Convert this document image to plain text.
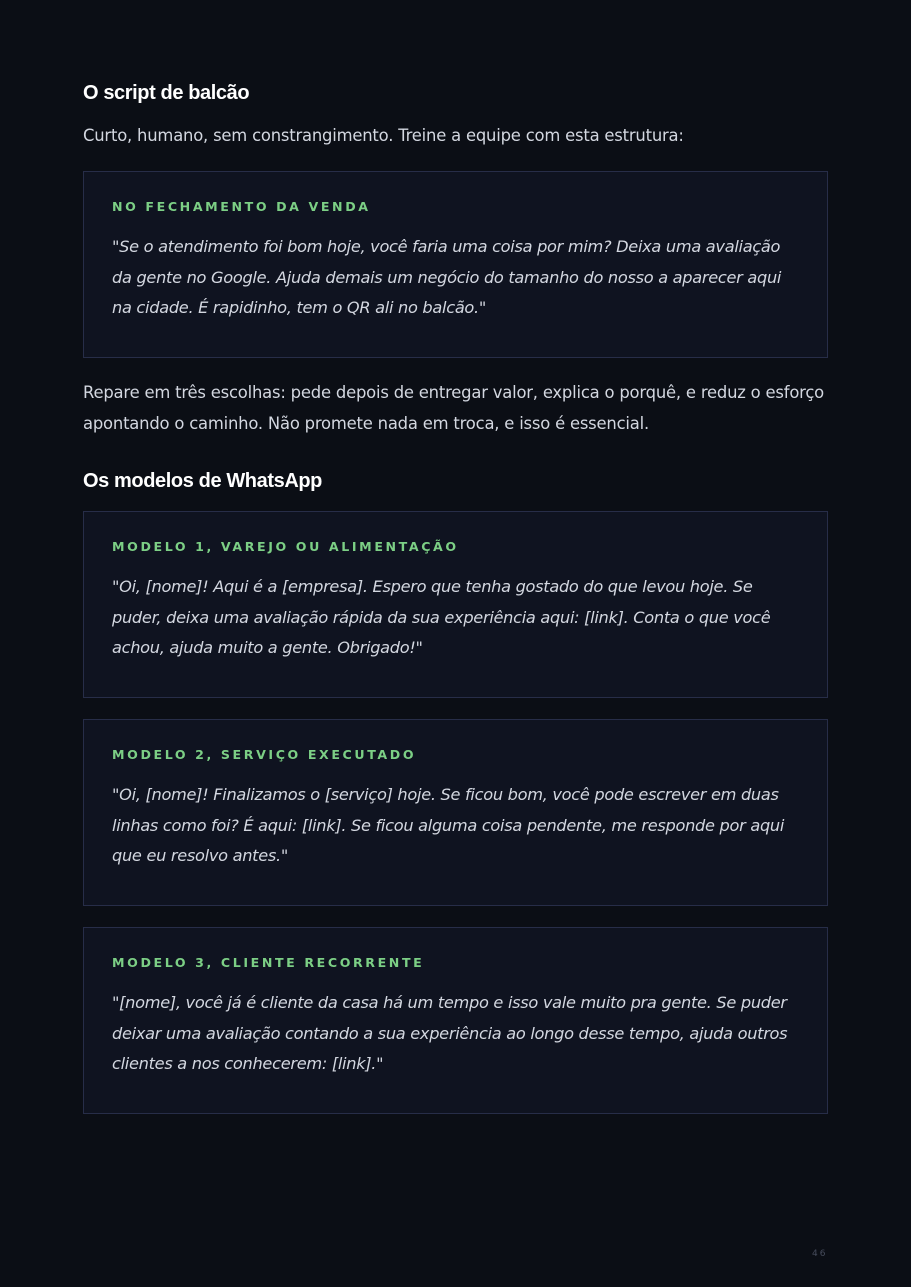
O script de balcão

Curto, humano, sem constrangimento. Treine a equipe com esta estrutura:

NO FECHAMENTO DA VENDA

"Se o atendimento foi bom hoje, você faria uma coisa por mim? Deixa uma avaliação da gente no Google. Ajuda demais um negócio do tamanho do nosso a aparecer aqui na cidade. É rapidinho, tem o QR ali no balcão."

Repare em três escolhas: pede depois de entregar valor, explica o porquê, e reduz o esforço apontando o caminho. Não promete nada em troca, e isso é essencial.

Os modelos de WhatsApp
MODELO 1, VAREJO OU ALIMENTAÇÃO

"Oi, [nome]! Aqui é a [empresa]. Espero que tenha gostado do que levou hoje. Se puder, deixa uma avaliação rápida da sua experiência aqui: [link]. Conta o que você achou, ajuda muito a gente. Obrigado!"

MODELO 2, SERVIÇO EXECUTADO

"Oi, [nome]! Finalizamos o [serviço] hoje. Se ficou bom, você pode escrever em duas linhas como foi? É aqui: [link]. Se ficou alguma coisa pendente, me responde por aqui que eu resolvo antes."

MODELO 3, CLIENTE RECORRENTE

"[nome], você já é cliente da casa há um tempo e isso vale muito pra gente. Se puder deixar uma avaliação contando a sua experiência ao longo desse tempo, ajuda outros clientes a nos conhecerem: [link]."

46
